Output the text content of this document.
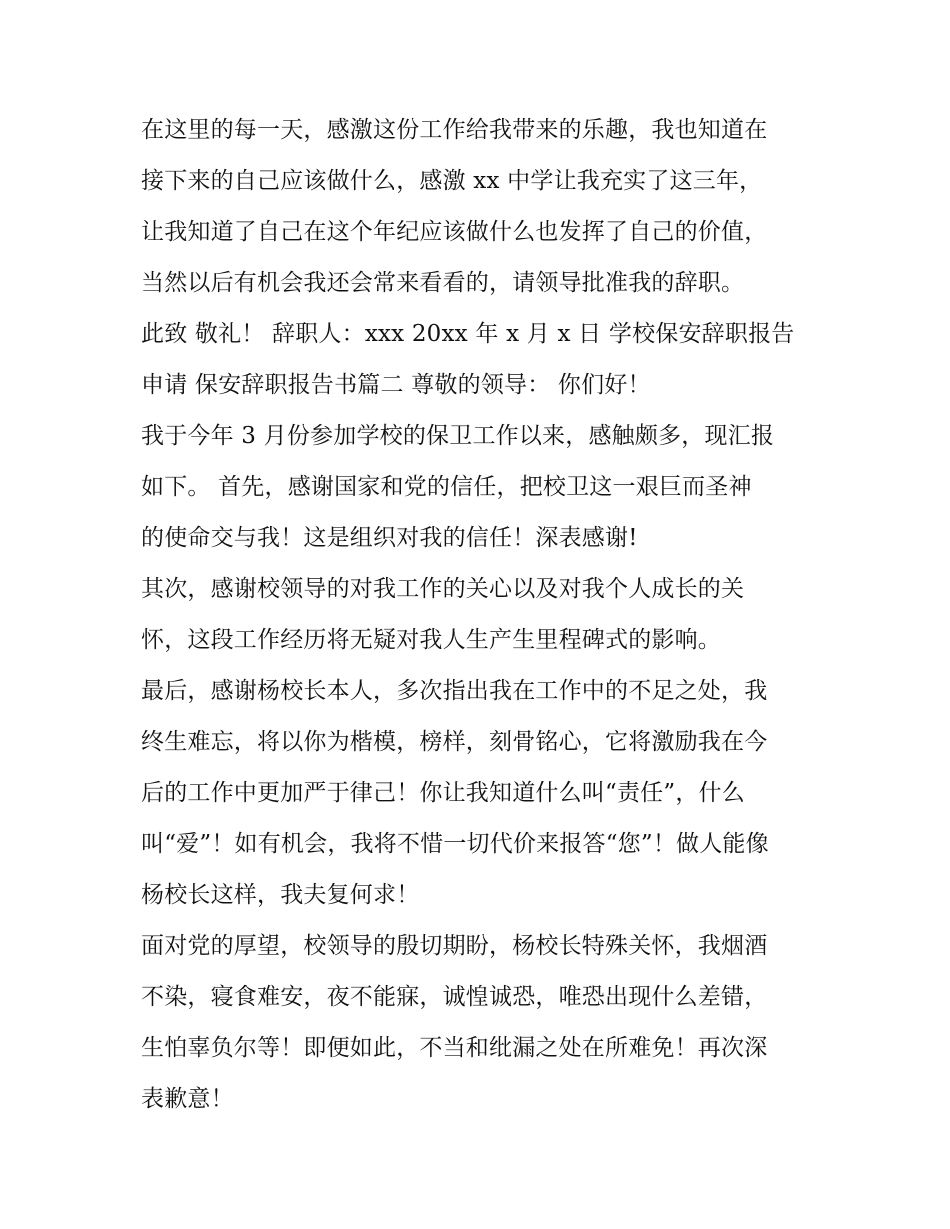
在这里的每一天，感激这份工作给我带来的乐趣，我也知道在
接下来的自己应该做什么，感激 xx 中学让我充实了这三年，
让我知道了自己在这个年纪应该做什么也发挥了自己的价值，
当然以后有机会我还会常来看看的，请领导批准我的辞职。
此致 敬礼！ 辞职人：xxx 20xx 年 x 月 x 日 学校保安辞职报告
申请 保安辞职报告书篇二 尊敬的领导： 你们好！
我于今年 3 月份参加学校的保卫工作以来，感触颇多，现汇报
如下。 首先，感谢国家和党的信任，把校卫这一艰巨而圣神
的使命交与我！这是组织对我的信任！深表感谢!
其次，感谢校领导的对我工作的关心以及对我个人成长的关
怀，这段工作经历将无疑对我人生产生里程碑式的影响。
最后，感谢杨校长本人，多次指出我在工作中的不足之处，我
终生难忘，将以你为楷模，榜样，刻骨铭心，它将激励我在今
后的工作中更加严于律己！你让我知道什么叫“责任”，什么
叫“爱”！如有机会，我将不惜一切代价来报答“您”！做人能像
杨校长这样，我夫复何求！
面对党的厚望，校领导的殷切期盼，杨校长特殊关怀，我烟酒
不染，寝食难安，夜不能寐，诚惶诚恐，唯恐出现什么差错，
生怕辜负尔等！即便如此，不当和纰漏之处在所难免！再次深
表歉意！
